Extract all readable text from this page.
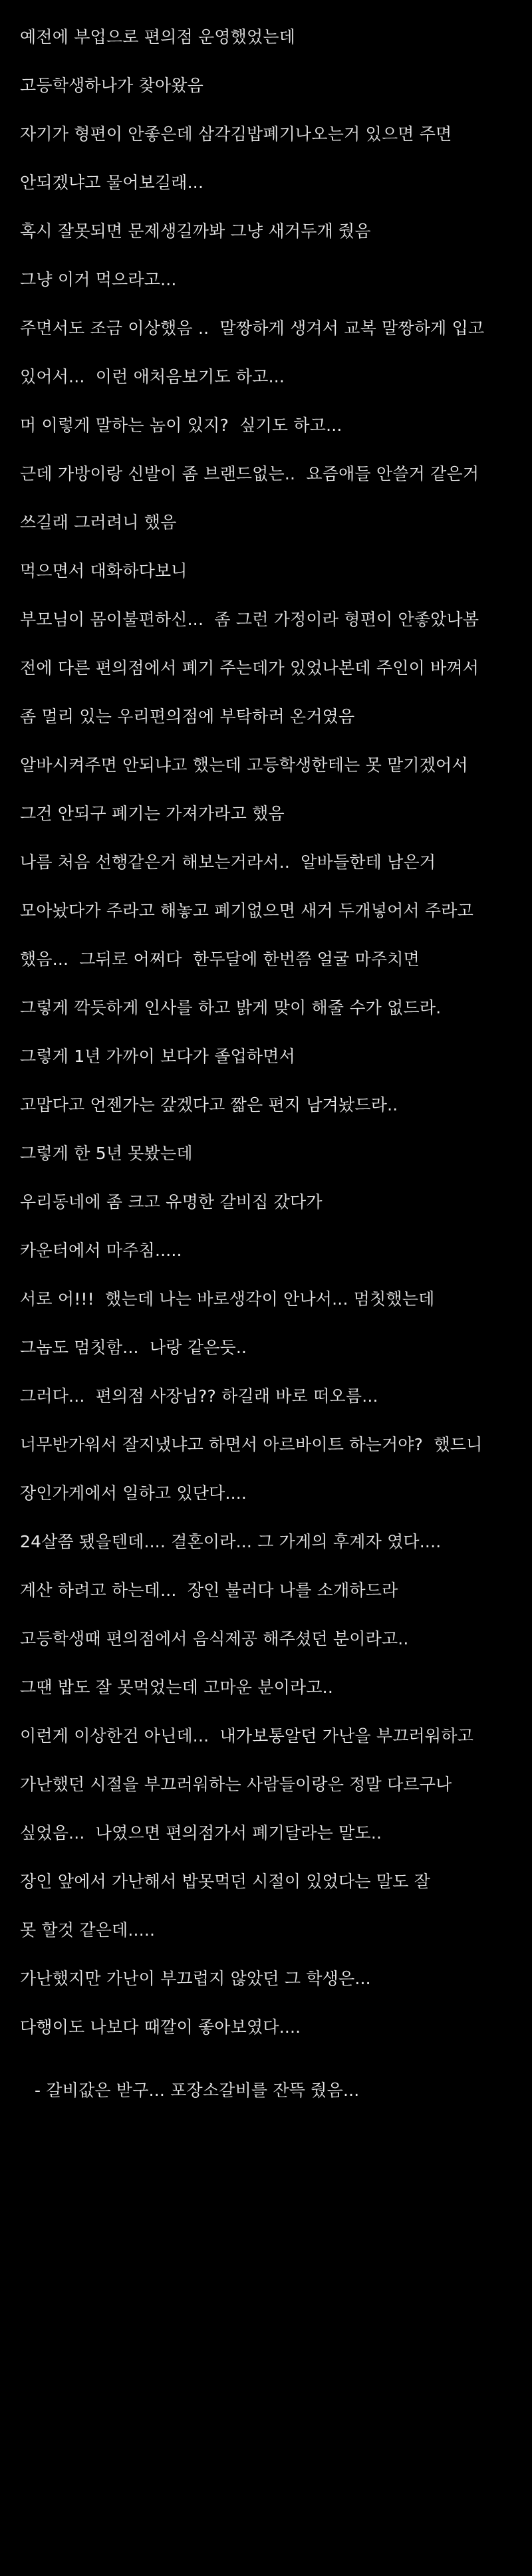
예전에 부업으로 편의점 운영했었는데
고등학생하나가 찾아왔음
자기가 형편이 안좋은데 삼각김밥폐기나오는거 있으면 주면
안되겠냐고 물어보길래...
혹시 잘못되면 문제생길까봐 그냥 새거두개 줬음
그냥 이거 먹으라고...
주면서도 조금 이상했음 ..  말짱하게 생겨서 교복 말짱하게 입고
있어서...  이런 애처음보기도 하고...
머 이렇게 말하는 놈이 있지?  싶기도 하고...
근데 가방이랑 신발이 좀 브랜드없는..  요즘애들 안쓸거 같은거
쓰길래 그러려니 했음
먹으면서 대화하다보니
부모님이 몸이불편하신...  좀 그런 가정이라 형편이 안좋았나봄
전에 다른 편의점에서 폐기 주는데가 있었나본데 주인이 바껴서
좀 멀리 있는 우리편의점에 부탁하러 온거였음
알바시켜주면 안되냐고 했는데 고등학생한테는 못 맡기겠어서
그건 안되구 폐기는 가져가라고 했음
나름 처음 선행같은거 해보는거라서..  알바들한테 남은거
모아놨다가 주라고 해놓고 폐기없으면 새거 두개넣어서 주라고
했음...  그뒤로 어쩌다  한두달에 한번쯤 얼굴 마주치면
그렇게 깍듯하게 인사를 하고 밝게 맞이 해줄 수가 없드라.
그렇게 1년 가까이 보다가 졸업하면서
고맙다고 언젠가는 갚겠다고 짧은 편지 남겨놨드라..
그렇게 한 5년 못봤는데
우리동네에 좀 크고 유명한 갈비집 갔다가
카운터에서 마주침.....
서로 어!!!  했는데 나는 바로생각이 안나서... 멈칫했는데
그놈도 멈칫함...  나랑 같은듯..
그러다...  편의점 사장님?? 하길래 바로 떠오름...
너무반가워서 잘지냈냐고 하면서 아르바이트 하는거야?  했드니
장인가게에서 일하고 있단다....
24살쯤 됐을텐데.... 결혼이라... 그 가게의 후계자 였다....
계산 하려고 하는데...  장인 불러다 나를 소개하드라
고등학생때 편의점에서 음식제공 해주셨던 분이라고..
그땐 밥도 잘 못먹었는데 고마운 분이라고..
이런게 이상한건 아닌데...  내가보통알던 가난을 부끄러워하고
가난했던 시절을 부끄러워하는 사람들이랑은 정말 다르구나
싶었음...  나였으면 편의점가서 폐기달라는 말도..
장인 앞에서 가난해서 밥못먹던 시절이 있었다는 말도 잘
못 할것 같은데.....
가난했지만 가난이 부끄럽지 않았던 그 학생은...
다행이도 나보다 때깔이 좋아보였다....
- 갈비값은 받구... 포장소갈비를 잔뜩 줬음...
